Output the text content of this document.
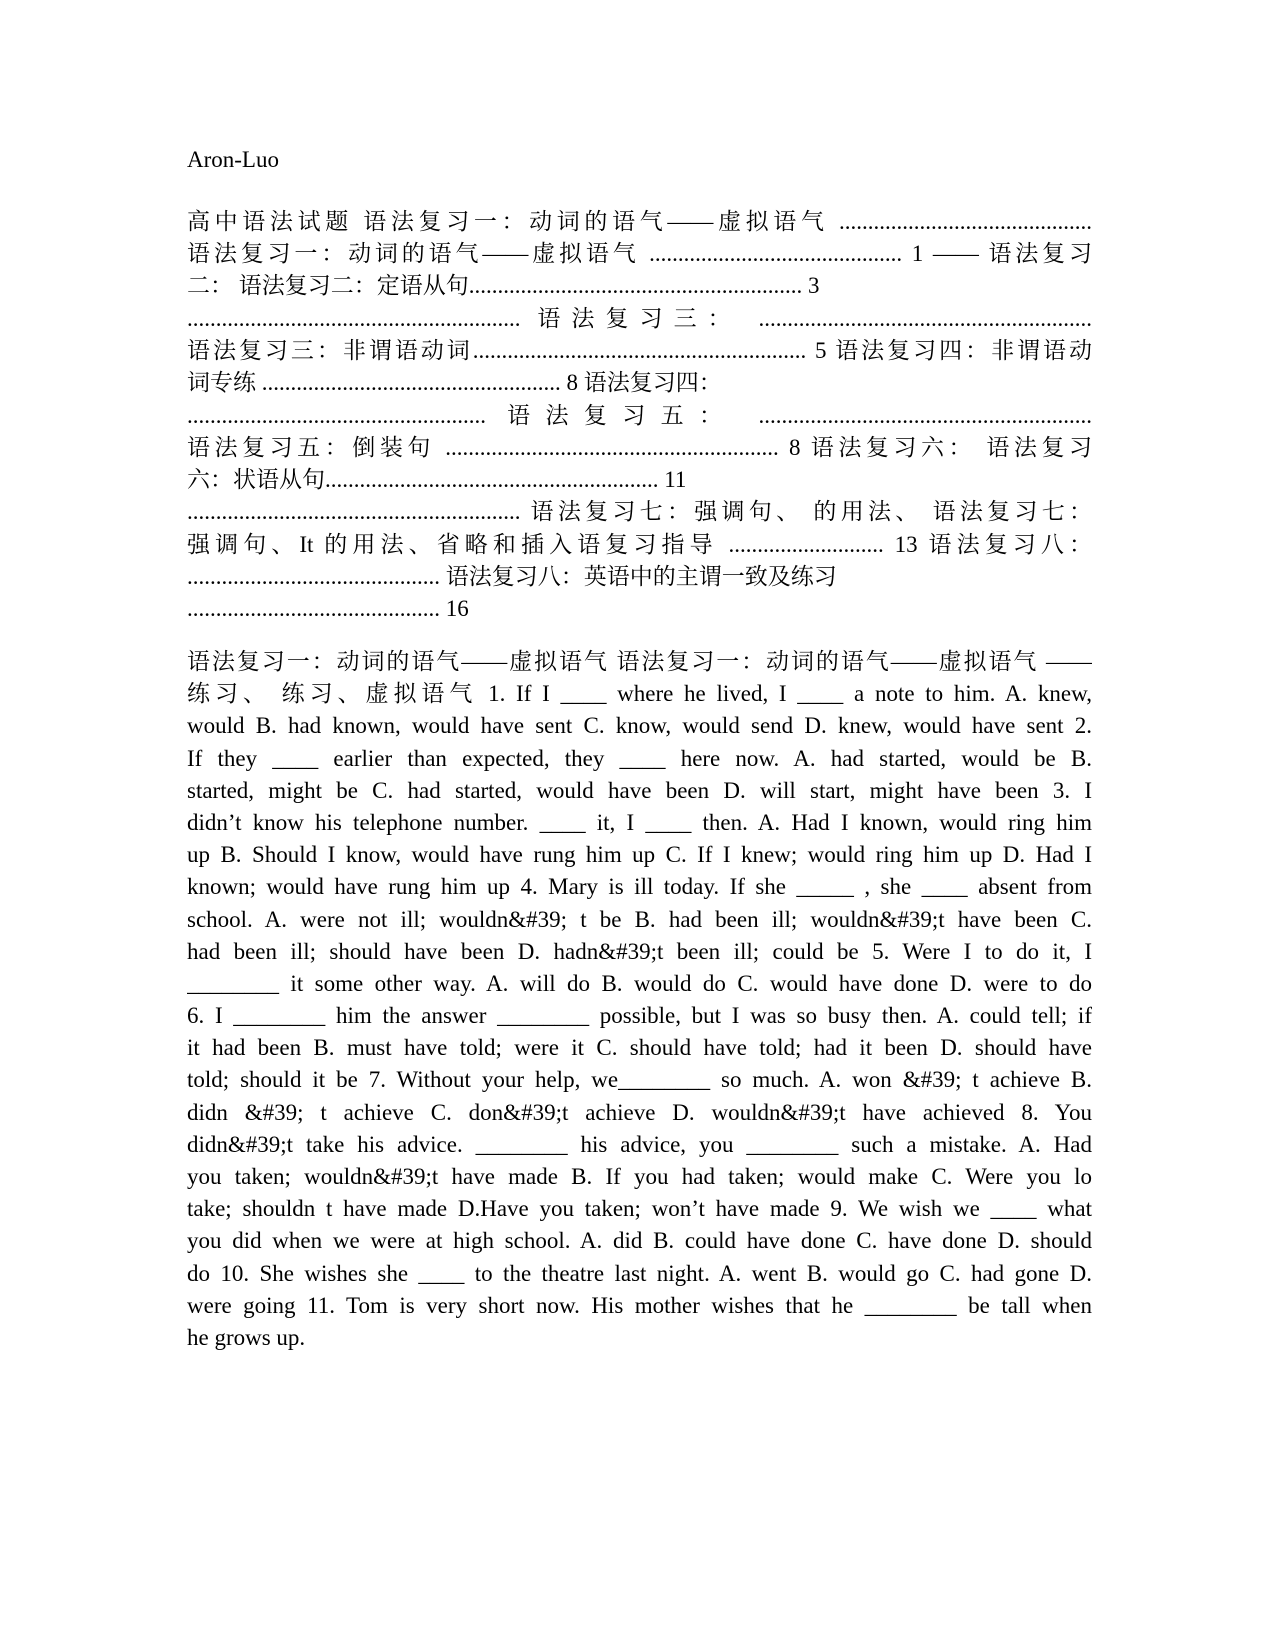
Aron-Luo
高中语法试题 语法复习一：动词的语气——虚拟语气 ............................................
语法复习一：动词的语气——虚拟语气 ............................................ 1 —— 语法复习
二： 语法复习二：定语从句.......................................................... 3
.......................................................... 语法复习三： ..........................................................
语法复习三：非谓语动词.......................................................... 5 语法复习四：非谓语动
词专练 .................................................... 8 语法复习四：
.................................................... 语法复习五： ..........................................................
语法复习五：倒装句 .......................................................... 8 语法复习六： 语法复习
六：状语从句.......................................................... 11
.......................................................... 语法复习七：强调句、 的用法、 语法复习七：
强调句、It 的用法、省略和插入语复习指导 ........................... 13 语法复习八：
............................................ 语法复习八：英语中的主谓一致及练习
............................................ 16
语法复习一：动词的语气——虚拟语气 语法复习一：动词的语气——虚拟语气 ——
练习、 练习、虚拟语气 1. If I ____ where he lived, I ____ a note to him. A. knew,
would B. had known, would have sent C. know, would send D. knew, would have sent 2.
If they ____ earlier than expected, they ____ here now. A. had started, would be B.
started, might be C. had started, would have been D. will start, might have been 3. I
didn’t know his telephone number. ____ it, I ____ then. A. Had I known, would ring him
up B. Should I know, would have rung him up C. If I knew; would ring him up D. Had I
known; would have rung him up 4. Mary is ill today. If she _____ , she ____ absent from
school. A. were not ill; wouldn&#39; t be B. had been ill; wouldn&#39;t have been C.
had been ill; should have been D. hadn&#39;t been ill; could be 5. Were I to do it, I
________ it some other way. A. will do B. would do C. would have done D. were to do
6. I ________ him the answer ________ possible, but I was so busy then. A. could tell; if
it had been B. must have told; were it C. should have told; had it been D. should have
told; should it be 7. Without your help, we________ so much. A. won &#39; t achieve B.
didn &#39; t achieve C. don&#39;t achieve D. wouldn&#39;t have achieved 8. You
didn&#39;t take his advice. ________ his advice, you ________ such a mistake. A. Had
you taken; wouldn&#39;t have made B. If you had taken; would make C. Were you lo
take; shouldn t have made D.Have you taken; won’t have made 9. We wish we ____ what
you did when we were at high school. A. did B. could have done C. have done D. should
do 10. She wishes she ____ to the theatre last night. A. went B. would go C. had gone D.
were going 11. Tom is very short now. His mother wishes that he ________ be tall when
he grows up.
